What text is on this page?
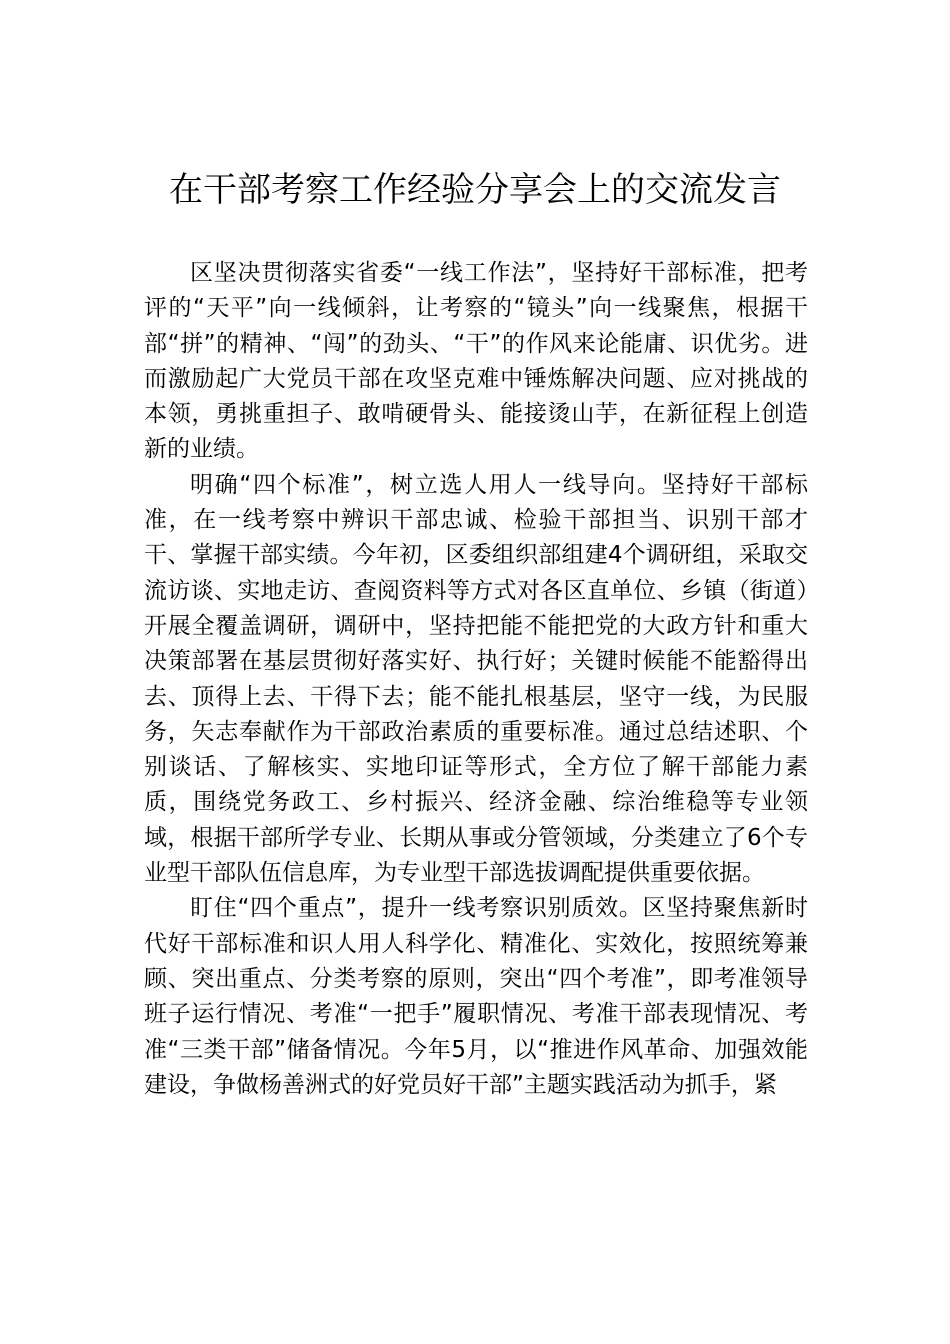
在干部考察工作经验分享会上的交流发言

区坚决贯彻落实省委“一线工作法”，坚持好干部标准，把考评的“天平”向一线倾斜，让考察的“镜头”向一线聚焦，根据干部“拼”的精神、“闯”的劲头、“干”的作风来论能庸、识优劣。进而激励起广大党员干部在攻坚克难中锤炼解决问题、应对挑战的本领，勇挑重担子、敢啃硬骨头、能接烫山芋，在新征程上创造新的业绩。

明确“四个标准”，树立选人用人一线导向。坚持好干部标准，在一线考察中辨识干部忠诚、检验干部担当、识别干部才干、掌握干部实绩。今年初，区委组织部组建4个调研组，采取交流访谈、实地走访、查阅资料等方式对各区直单位、乡镇（街道）开展全覆盖调研，调研中，坚持把能不能把党的大政方针和重大决策部署在基层贯彻好落实好、执行好；关键时候能不能豁得出去、顶得上去、干得下去；能不能扎根基层，坚守一线，为民服务，矢志奉献作为干部政治素质的重要标准。通过总结述职、个别谈话、了解核实、实地印证等形式，全方位了解干部能力素质，围绕党务政工、乡村振兴、经济金融、综治维稳等专业领域，根据干部所学专业、长期从事或分管领域，分类建立了6个专业型干部队伍信息库，为专业型干部选拔调配提供重要依据。

盯住“四个重点”，提升一线考察识别质效。区坚持聚焦新时代好干部标准和识人用人科学化、精准化、实效化，按照统筹兼顾、突出重点、分类考察的原则，突出“四个考准”，即考准领导班子运行情况、考准“一把手”履职情况、考准干部表现情况、考准“三类干部”储备情况。今年5月，以“推进作风革命、加强效能建设，争做杨善洲式的好党员好干部”主题实践活动为抓手，紧
